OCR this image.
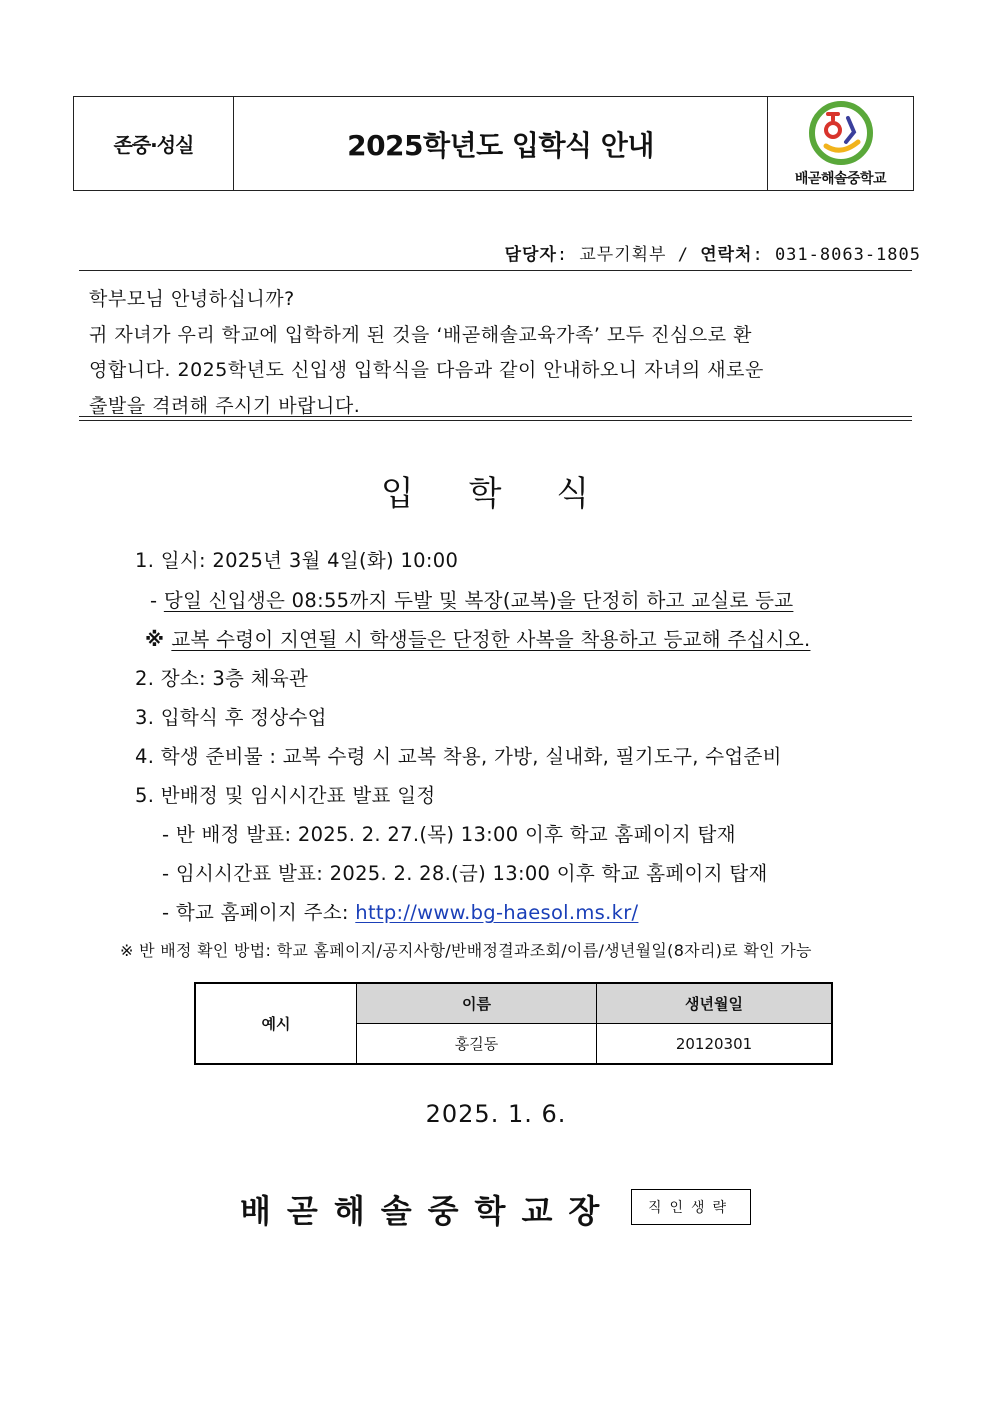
존중·성실	2025학년도 입학식 안내
배곧해솔중학교
담당자: 교무기획부 / 연락처: 031-8063-1805

학부모님 안녕하십니까?

귀 자녀가 우리 학교에 입학하게 된 것을 ‘배곧해솔교육가족’ 모두 진심으로 환

영합니다. 2025학년도 신입생 입학식을 다음과 같이 안내하오니 자녀의 새로운

출발을 격려해 주시기 바랍니다.

입 학 식
1. 일시: 2025년 3월 4일(화) 10:00
- 당일 신입생은 08:55까지 두발 및 복장(교복)을 단정히 하고 교실로 등교
※ 교복 수령이 지연될 시 학생들은 단정한 사복을 착용하고 등교해 주십시오.
2. 장소: 3층 체육관
3. 입학식 후 정상수업
4. 학생 준비물 : 교복 수령 시 교복 착용, 가방, 실내화, 필기도구, 수업준비
5. 반배정 및 임시시간표 발표 일정
- 반 배정 발표: 2025. 2. 27.(목) 13:00 이후 학교 홈페이지 탑재
- 임시시간표 발표: 2025. 2. 28.(금) 13:00 이후 학교 홈페이지 탑재
- 학교 홈페이지 주소: http://www.bg-haesol.ms.kr/
※ 반 배정 확인 방법: 학교 홈페이지/공지사항/반배정결과조회/이름/생년월일(8자리)로 확인 가능
예시	이름	생년월일
	홍길동	20120301
2025. 1. 6.
배곧해솔중학교장	직인생략
